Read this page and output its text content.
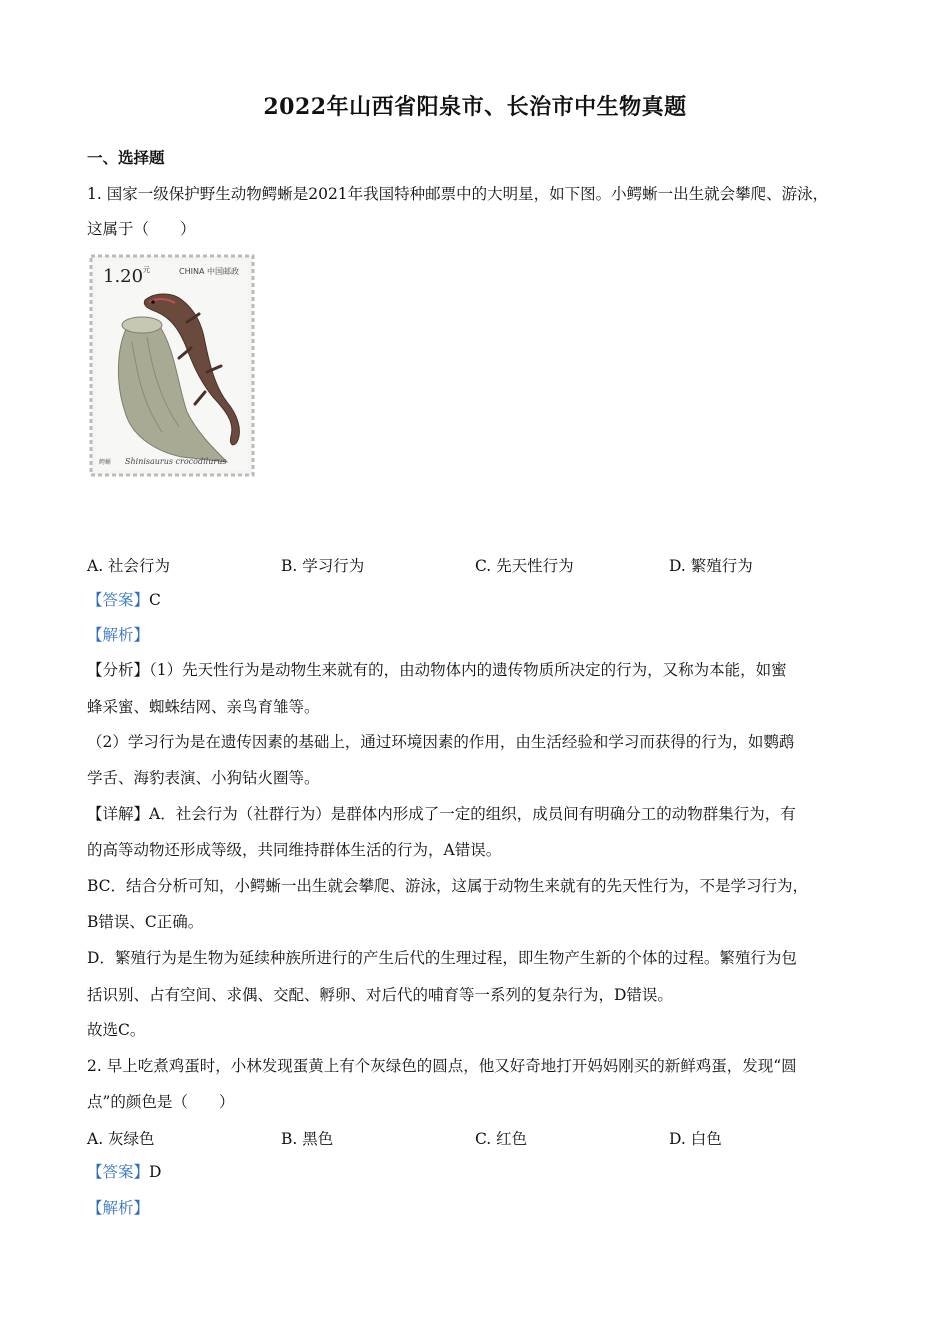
2022年山西省阳泉市、长治市中生物真题
一、选择题
1. 国家一级保护野生动物鳄蜥是2021年我国特种邮票中的大明星，如下图。小鳄蜥一出生就会攀爬、游泳，
这属于（　　）
1.20 元	CHINA 中国邮政
鳄蜥 Shinisaurus crocodilurus
A. 社会行为	B. 学习行为	C. 先天性行为	D. 繁殖行为
【答案】C
【解析】
【分析】（1）先天性行为是动物生来就有的，由动物体内的遗传物质所决定的行为，又称为本能，如蜜
蜂采蜜、蜘蛛结网、亲鸟育雏等。
（2）学习行为是在遗传因素的基础上，通过环境因素的作用，由生活经验和学习而获得的行为，如鹦鹉
学舌、海豹表演、小狗钻火圈等。
【详解】A．社会行为（社群行为）是群体内形成了一定的组织，成员间有明确分工的动物群集行为，有
的高等动物还形成等级，共同维持群体生活的行为，A错误。
BC．结合分析可知，小鳄蜥一出生就会攀爬、游泳，这属于动物生来就有的先天性行为，不是学习行为，
B错误、C正确。
D．繁殖行为是生物为延续种族所进行的产生后代的生理过程，即生物产生新的个体的过程。繁殖行为包
括识别、占有空间、求偶、交配、孵卵、对后代的哺育等一系列的复杂行为，D错误。
故选C。
2. 早上吃煮鸡蛋时，小林发现蛋黄上有个灰绿色的圆点，他又好奇地打开妈妈刚买的新鲜鸡蛋，发现“圆
点”的颜色是（　　）
A. 灰绿色	B. 黑色	C. 红色	D. 白色
【答案】D
【解析】
